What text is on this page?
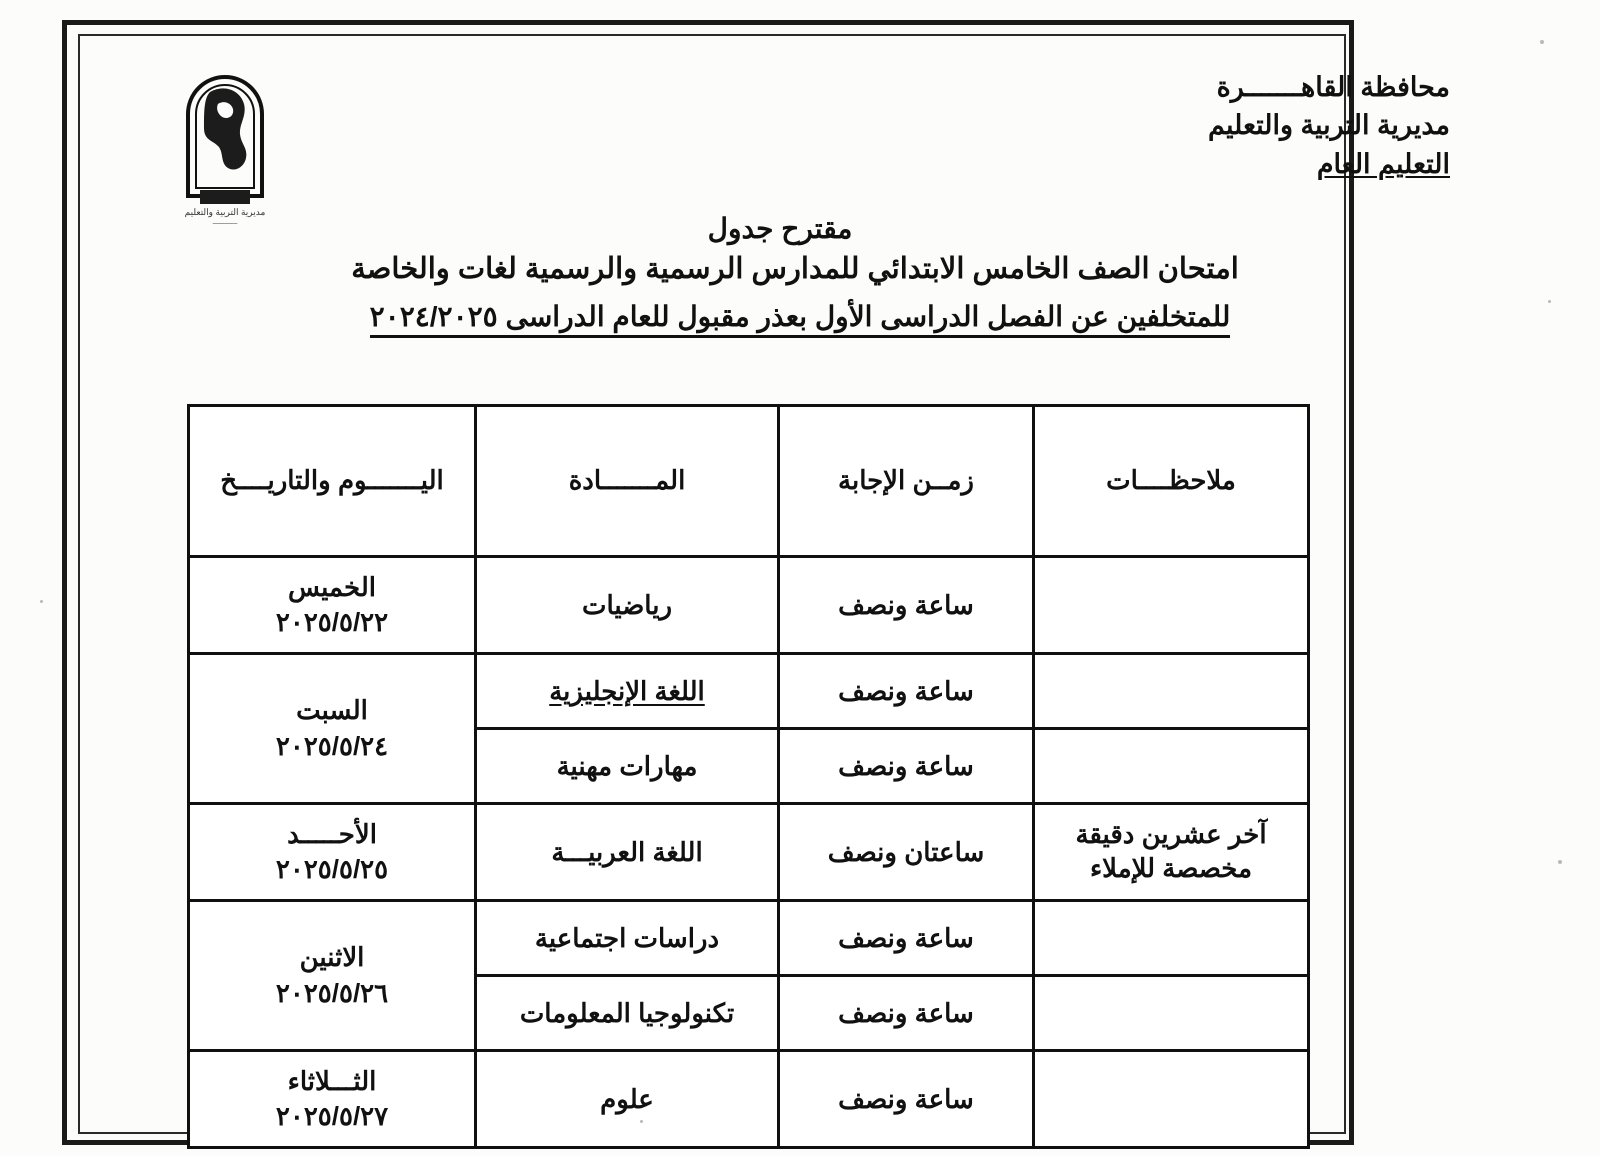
مديرية التربية والتعليم
ــــــــــــ
محافظة القاهـــــــرة
مديرية التربية والتعليم
التعليم العام
مقترح جدول
امتحان الصف الخامس الابتدائي للمدارس الرسمية والرسمية لغات والخاصة
للمتخلفين عن الفصل الدراسى الأول بعذر مقبول للعام الدراسى ٢٠٢٤/٢٠٢٥
ملاحظــــات	زمــن الإجابة	المـــــــادة	اليـــــــوم والتاريــــخ
	ساعة ونصف	رياضيات	الخميس
٢٠٢٥/٥/٢٢

	ساعة ونصف	اللغة الإنجليزية	السبت
٢٠٢٥/٥/٢٤

	ساعة ونصف	مهارات مهنية	
آخر عشرين دقيقة مخصصة للإملاء	ساعتان ونصف	اللغة العربيـــة	الأحـــــد
٢٠٢٥/٥/٢٥

	ساعة ونصف	دراسات اجتماعية	الاثنين
٢٠٢٥/٥/٢٦

	ساعة ونصف	تكنولوجيا المعلومات	
	ساعة ونصف	علوم	الثـــلاثاء
٢٠٢٥/٥/٢٧
